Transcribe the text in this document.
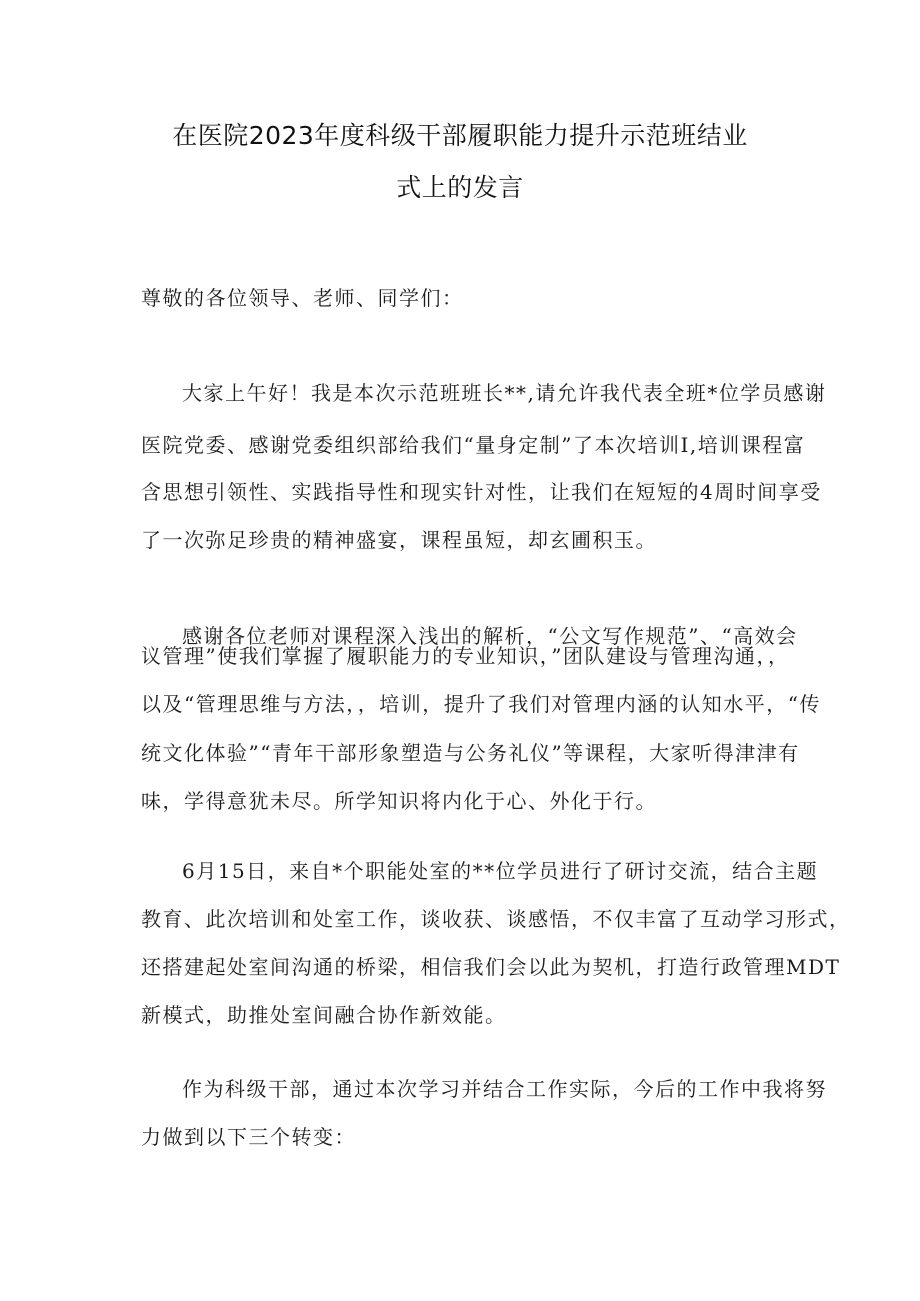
在医院2023年度科级干部履职能力提升示范班结业
式上的发言
尊敬的各位领导、老师、同学们：
大家上午好！我是本次示范班班长**,请允许我代表全班*位学员感谢
医院党委、感谢党委组织部给我们“量身定制”了本次培训I,培训课程富
含思想引领性、实践指导性和现实针对性，让我们在短短的4周时间享受
了一次弥足珍贵的精神盛宴，课程虽短，却玄圃积玉。
感谢各位老师对课程深入浅出的解析，“公文写作规范”、“高效会
议管理”使我们掌握了履职能力的专业知识，”团队建设与管理沟通，，
以及“管理思维与方法，，培训，提升了我们对管理内涵的认知水平，“传
统文化体验”“青年干部形象塑造与公务礼仪”等课程，大家听得津津有
味，学得意犹未尽。所学知识将内化于心、外化于行。
6月15日，来自*个职能处室的**位学员进行了研讨交流，结合主题
教育、此次培训和处室工作，谈收获、谈感悟，不仅丰富了互动学习形式，
还搭建起处室间沟通的桥梁，相信我们会以此为契机，打造行政管理MDT
新模式，助推处室间融合协作新效能。
作为科级干部，通过本次学习并结合工作实际，今后的工作中我将努
力做到以下三个转变：
